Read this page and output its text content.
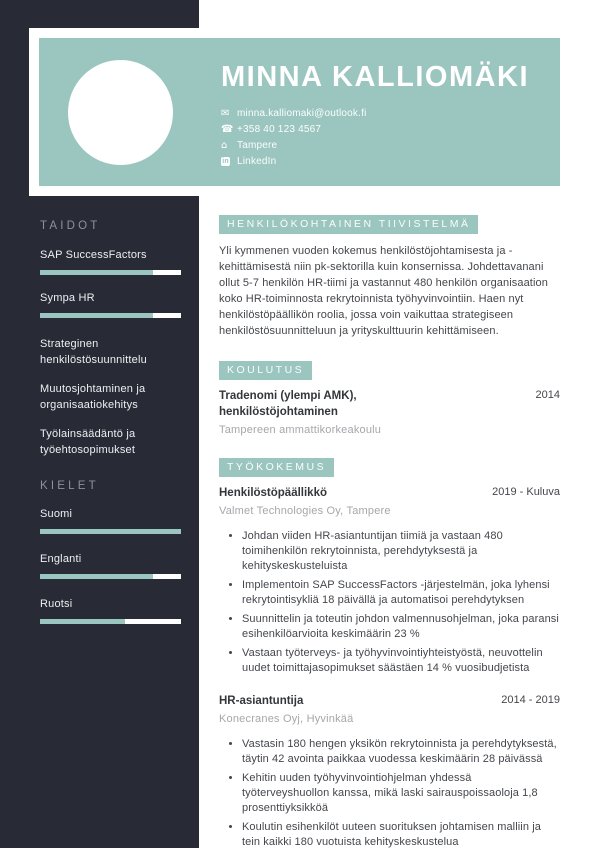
TAIDOT
SAP SuccessFactors
Sympa HR
Strateginen henkilöstösuunnittelu
Muutosjohtaminen ja organisaatiokehitys
Työlainsäädäntö ja työehtosopimukset
KIELET
Suomi
Englanti
Ruotsi
MINNA KALLIOMÄKI
✉ minna.kalliomaki@outlook.fi
☎ +358 40 123 4567
⌂ Tampere
in LinkedIn
HENKILÖKOHTAINEN TIIVISTELMÄ

Yli kymmenen vuoden kokemus henkilöstöjohtamisesta ja -kehittämisestä niin pk-sektorilla kuin konsernissa. Johdettavanani ollut 5-7 henkilön HR-tiimi ja vastannut 480 henkilön organisaation koko HR-toiminnosta rekrytoinnista työhyvinvointiin. Haen nyt henkilöstöpäällikön roolia, jossa voin vaikuttaa strategiseen henkilöstösuunnitteluun ja yrityskulttuurin kehittämiseen.

KOULUTUS
Tradenomi (ylempi AMK), henkilöstöjohtaminen
2014
Tampereen ammattikorkeakoulu
TYÖKOKEMUS
Henkilöstöpäällikkö	2019 - Kuluva
Valmet Technologies Oy, Tampere
• Johdan viiden HR-asiantuntijan tiimiä ja vastaan 480 toimihenkilön rekrytoinnista, perehdytyksestä ja kehityskeskusteluista
• Implementoin SAP SuccessFactors -järjestelmän, joka lyhensi rekrytointisykliä 18 päivällä ja automatisoi perehdytyksen
• Suunnittelin ja toteutin johdon valmennusohjelman, joka paransi esihenkilöarvioita keskimäärin 23 %
• Vastaan työterveys- ja työhyvinvointiyhteistyöstä, neuvottelin uudet toimittajasopimukset säästäen 14 % vuosibudjetista
HR-asiantuntija	2014 - 2019
Konecranes Oyj, Hyvinkää
• Vastasin 180 hengen yksikön rekrytoinnista ja perehdytyksestä, täytin 42 avointa paikkaa vuodessa keskimäärin 28 päivässä
• Kehitin uuden työhyvinvointiohjelman yhdessä työterveyshuollon kanssa, mikä laski sairauspoissaoloja 1,8 prosenttiyksikköä
• Koulutin esihenkilöt uuteen suorituksen johtamisen malliin ja tein kaikki 180 vuotuista kehityskeskustelua
